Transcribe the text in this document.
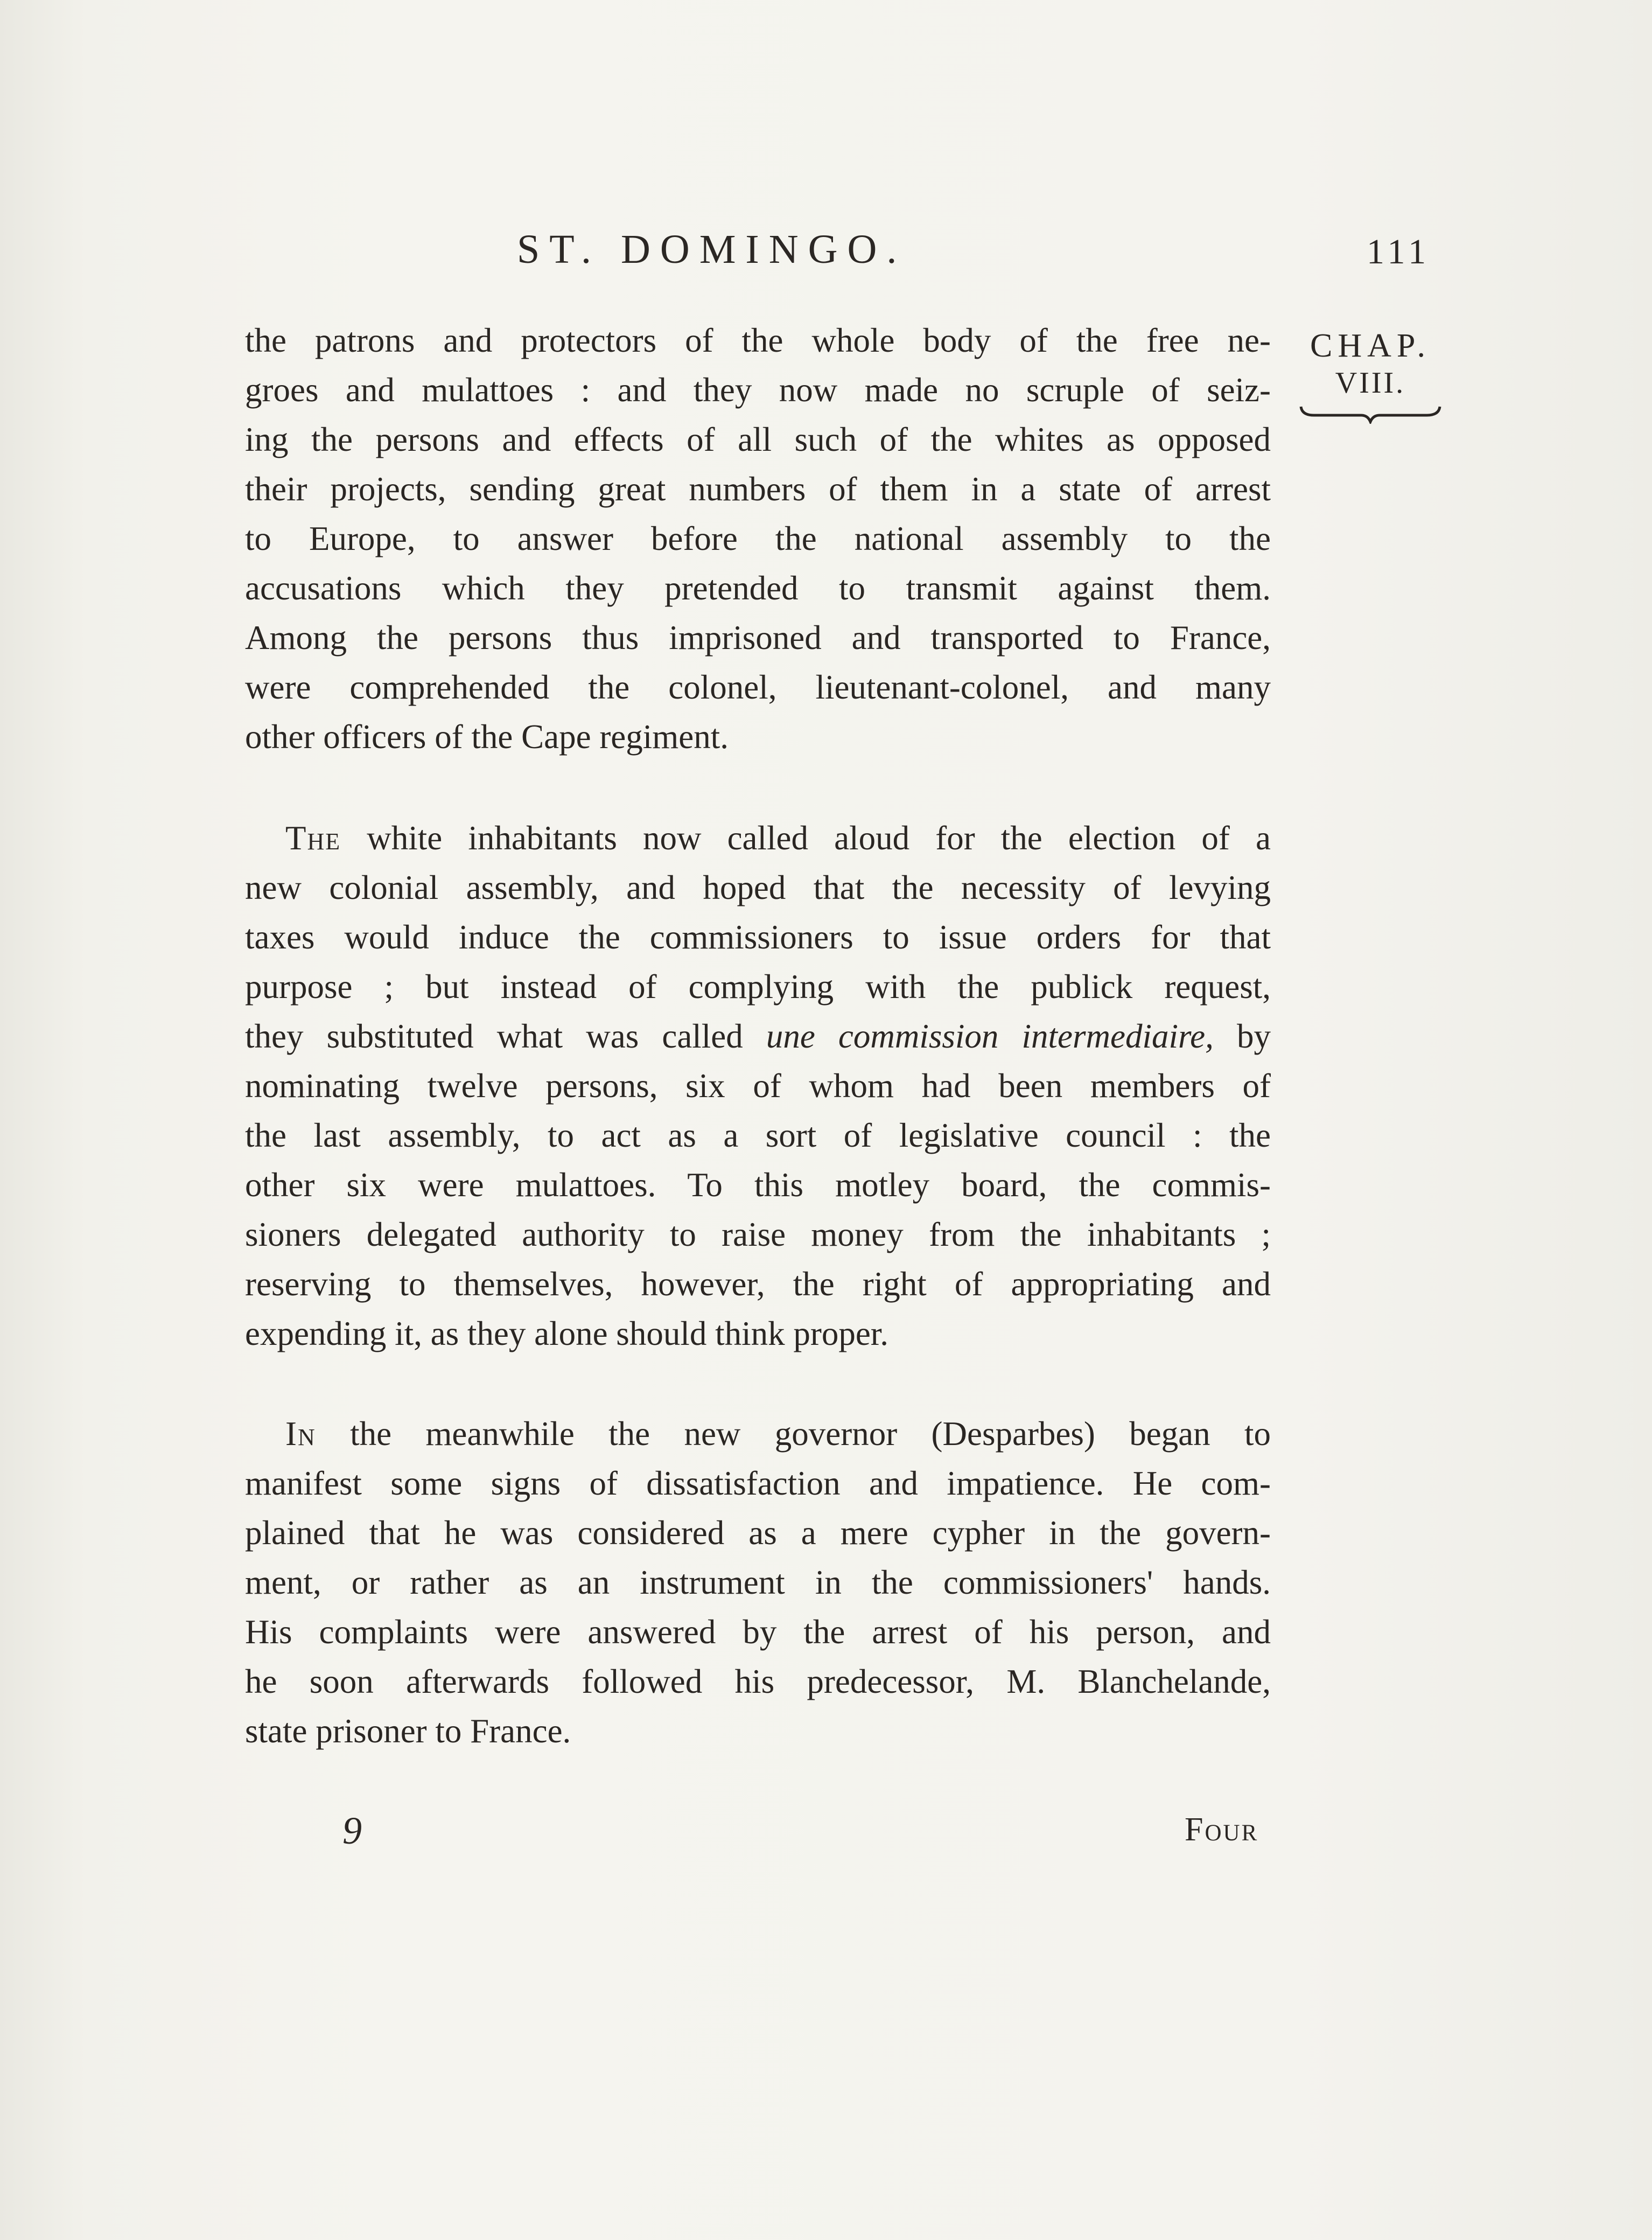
ST. DOMINGO.	111
CHAP.
VIII.
the patrons and protectors of the whole body of the free ne-
groes and mulattoes : and they now made no scruple of seiz-
ing the persons and effects of all such of the whites as opposed
their projects, sending great numbers of them in a state of arrest
to Europe, to answer before the national assembly to the
accusations which they pretended to transmit against them.
Among the persons thus imprisoned and transported to France,
were comprehended the colonel, lieutenant-colonel, and many
other officers of the Cape regiment.
The white inhabitants now called aloud for the election of a
new colonial assembly, and hoped that the necessity of levying
taxes would induce the commissioners to issue orders for that
purpose ; but instead of complying with the publick request,
they substituted what was called une commission intermediaire, by
nominating twelve persons, six of whom had been members of
the last assembly, to act as a sort of legislative council : the
other six were mulattoes. To this motley board, the commis-
sioners delegated authority to raise money from the inhabitants ;
reserving to themselves, however, the right of appropriating and
expending it, as they alone should think proper.
In the meanwhile the new governor (Desparbes) began to
manifest some signs of dissatisfaction and impatience. He com-
plained that he was considered as a mere cypher in the govern-
ment, or rather as an instrument in the commissioners' hands.
His complaints were answered by the arrest of his person, and
he soon afterwards followed his predecessor, M. Blanchelande,
state prisoner to France.
9	Four
